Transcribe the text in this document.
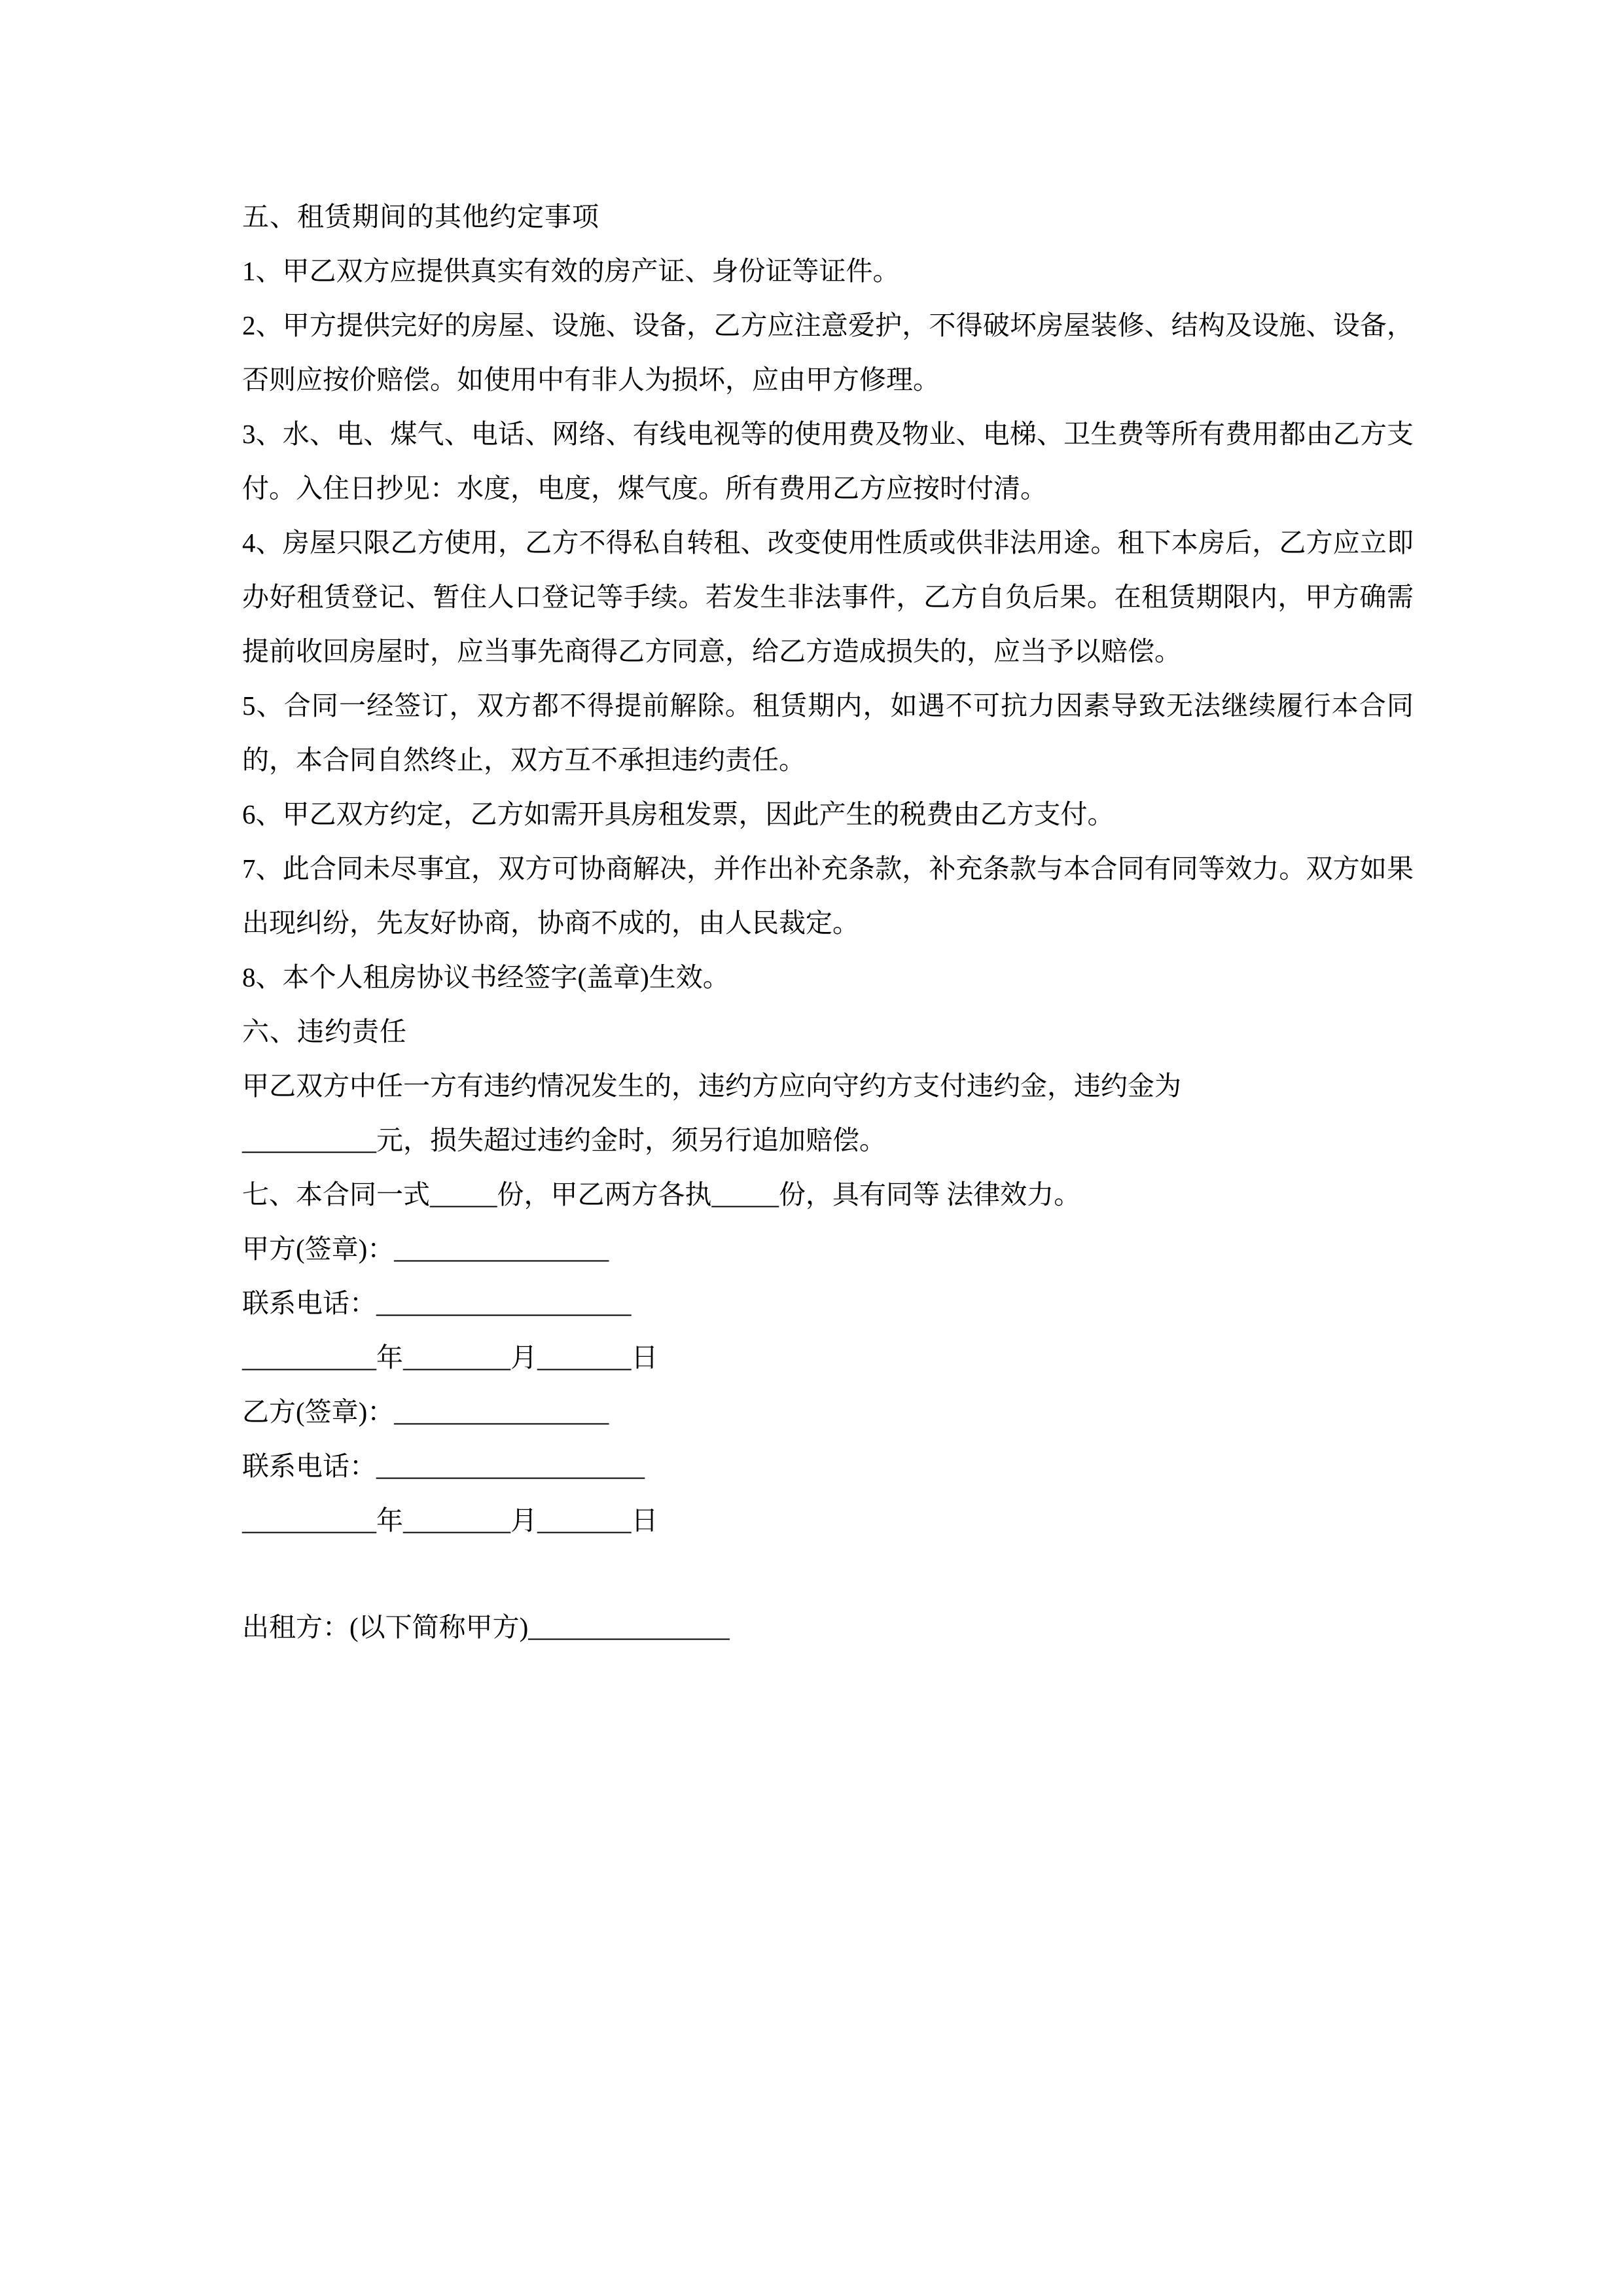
五、租赁期间的其他约定事项
1、甲乙双方应提供真实有效的房产证、身份证等证件。
2、甲方提供完好的房屋、设施、设备，乙方应注意爱护，不得破坏房屋装修、结构及设施、设备，否则应按价赔偿。如使用中有非人为损坏，应由甲方修理。
3、水、电、煤气、电话、网络、有线电视等的使用费及物业、电梯、卫生费等所有费用都由乙方支付。入住日抄见：水度，电度，煤气度。所有费用乙方应按时付清。
4、房屋只限乙方使用，乙方不得私自转租、改变使用性质或供非法用途。租下本房后，乙方应立即办好租赁登记、暂住人口登记等手续。若发生非法事件，乙方自负后果。在租赁期限内，甲方确需提前收回房屋时，应当事先商得乙方同意，给乙方造成损失的，应当予以赔偿。
5、合同一经签订，双方都不得提前解除。租赁期内，如遇不可抗力因素导致无法继续履行本合同的，本合同自然终止，双方互不承担违约责任。
6、甲乙双方约定，乙方如需开具房租发票，因此产生的税费由乙方支付。
7、此合同未尽事宜，双方可协商解决，并作出补充条款，补充条款与本合同有同等效力。双方如果出现纠纷，先友好协商，协商不成的，由人民裁定。
8、本个人租房协议书经签字(盖章)生效。
六、违约责任
甲乙双方中任一方有违约情况发生的，违约方应向守约方支付违约金，违约金为
__________元，损失超过违约金时，须另行追加赔偿。
七、本合同一式_____份，甲乙两方各执_____份，具有同等 法律效力。
甲方(签章)：________________
联系电话：___________________
__________年________月_______日
乙方(签章)：________________
联系电话：____________________
__________年________月_______日
出租方：(以下简称甲方)_______________
